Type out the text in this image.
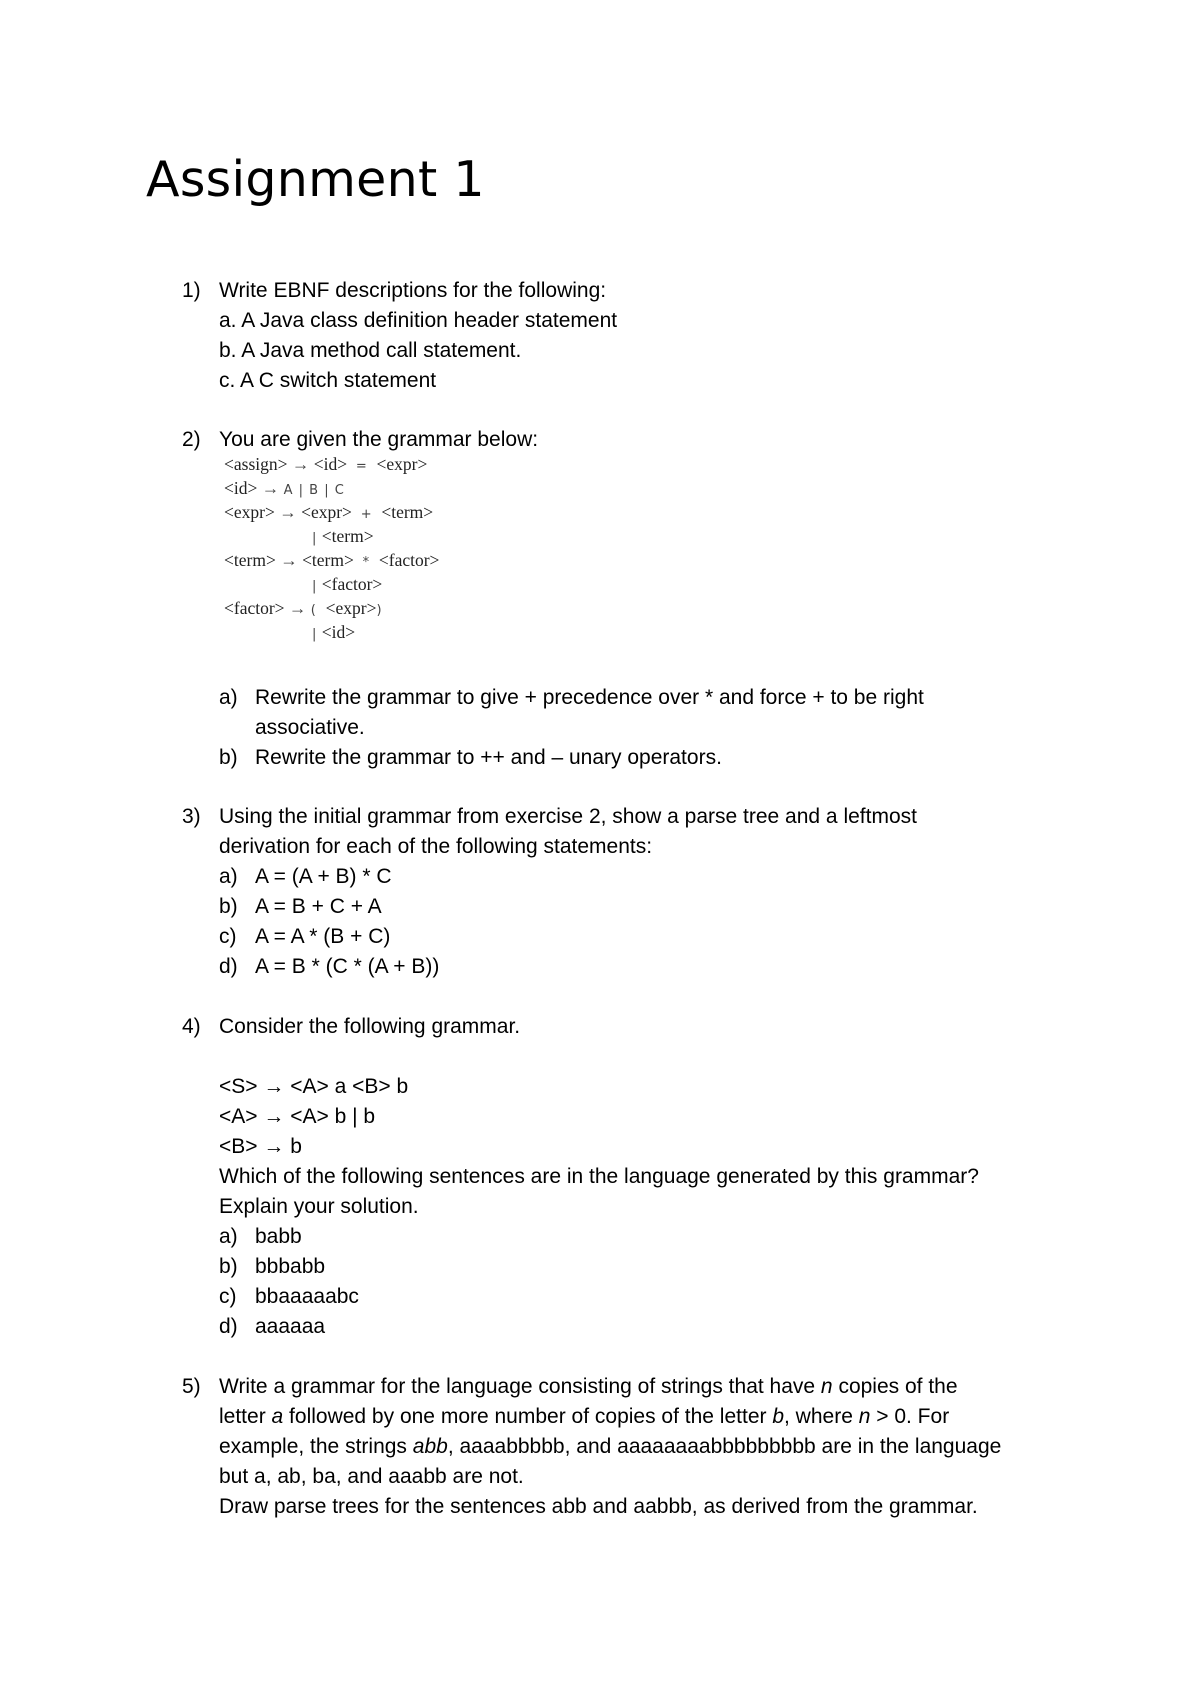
Assignment 1
1) Write EBNF descriptions for the following:
a. A Java class definition header statement
b. A Java method call statement.
c. A C switch statement
2) You are given the grammar below:
<assign> → <id> = <expr>
<id> → A | B | C
<expr> → <expr> + <term>
| <term>
<term> → <term> * <factor>
| <factor>
<factor> → ( <expr>)
| <id>
a) Rewrite the grammar to give + precedence over * and force + to be right
associative.
b) Rewrite the grammar to ++ and – unary operators.
3) Using the initial grammar from exercise 2, show a parse tree and a leftmost
derivation for each of the following statements:
a) A = (A + B) * C
b) A = B + C + A
c) A = A * (B + C)
d) A = B * (C * (A + B))
4) Consider the following grammar.
<S> → <A> a <B> b
<A> → <A> b | b
<B> → b
Which of the following sentences are in the language generated by this grammar?
Explain your solution.
a) babb
b) bbbabb
c) bbaaaaabc
d) aaaaaa
5) Write a grammar for the language consisting of strings that have n copies of the
letter a followed by one more number of copies of the letter b, where n > 0. For
example, the strings abb, aaaabbbbb, and aaaaaaaabbbbbbbbb are in the language
but a, ab, ba, and aaabb are not.
Draw parse trees for the sentences abb and aabbb, as derived from the grammar.
